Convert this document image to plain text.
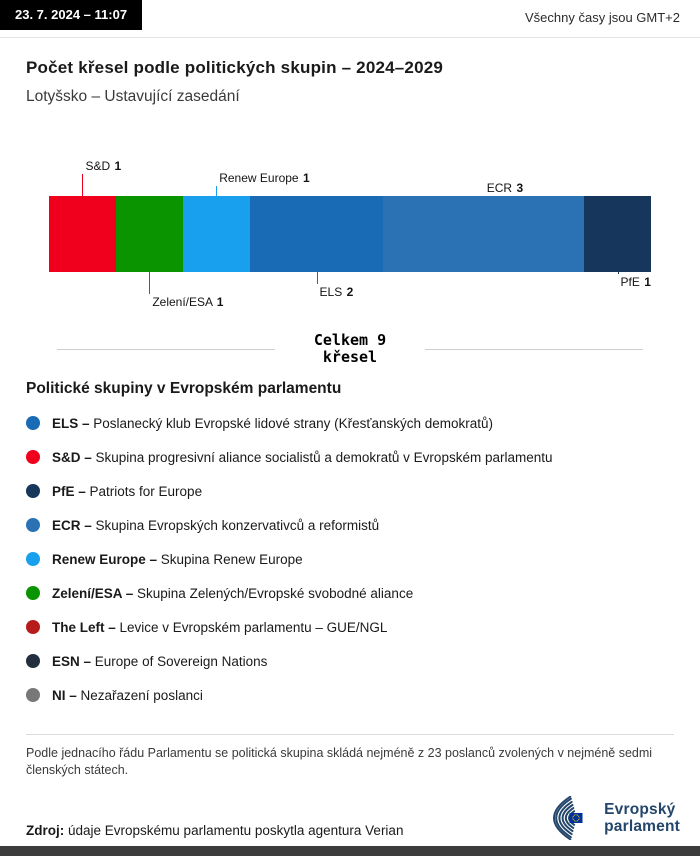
23. 7. 2024 – 11:07	Všechny časy jsou GMT+2
Počet křesel podle politických skupin – 2024–2029
Lotyšsko – Ustavující zasedání
S&D 1
Zelení/ESA 1
Renew Europe 1
ELS 2
ECR 3
PfE 1
Celkem 9
křesel
Politické skupiny v Evropském parlamentu
ELS – Poslanecký klub Evropské lidové strany (Křesťanských demokratů)
S&D – Skupina progresivní aliance socialistů a demokratů v Evropském parlamentu
PfE – Patriots for Europe
ECR – Skupina Evropských konzervativců a reformistů
Renew Europe – Skupina Renew Europe
Zelení/ESA – Skupina Zelených/Evropské svobodné aliance
The Left – Levice v Evropském parlamentu – GUE/NGL
ESN – Europe of Sovereign Nations
NI – Nezařazení poslanci

Podle jednacího řádu Parlamentu se politická skupina skládá nejméně z 23 poslanců zvolených v nejméně sedmi členských státech.

Zdroj: údaje Evropskému parlamentu poskytla agentura Verian

Evropský
parlament
